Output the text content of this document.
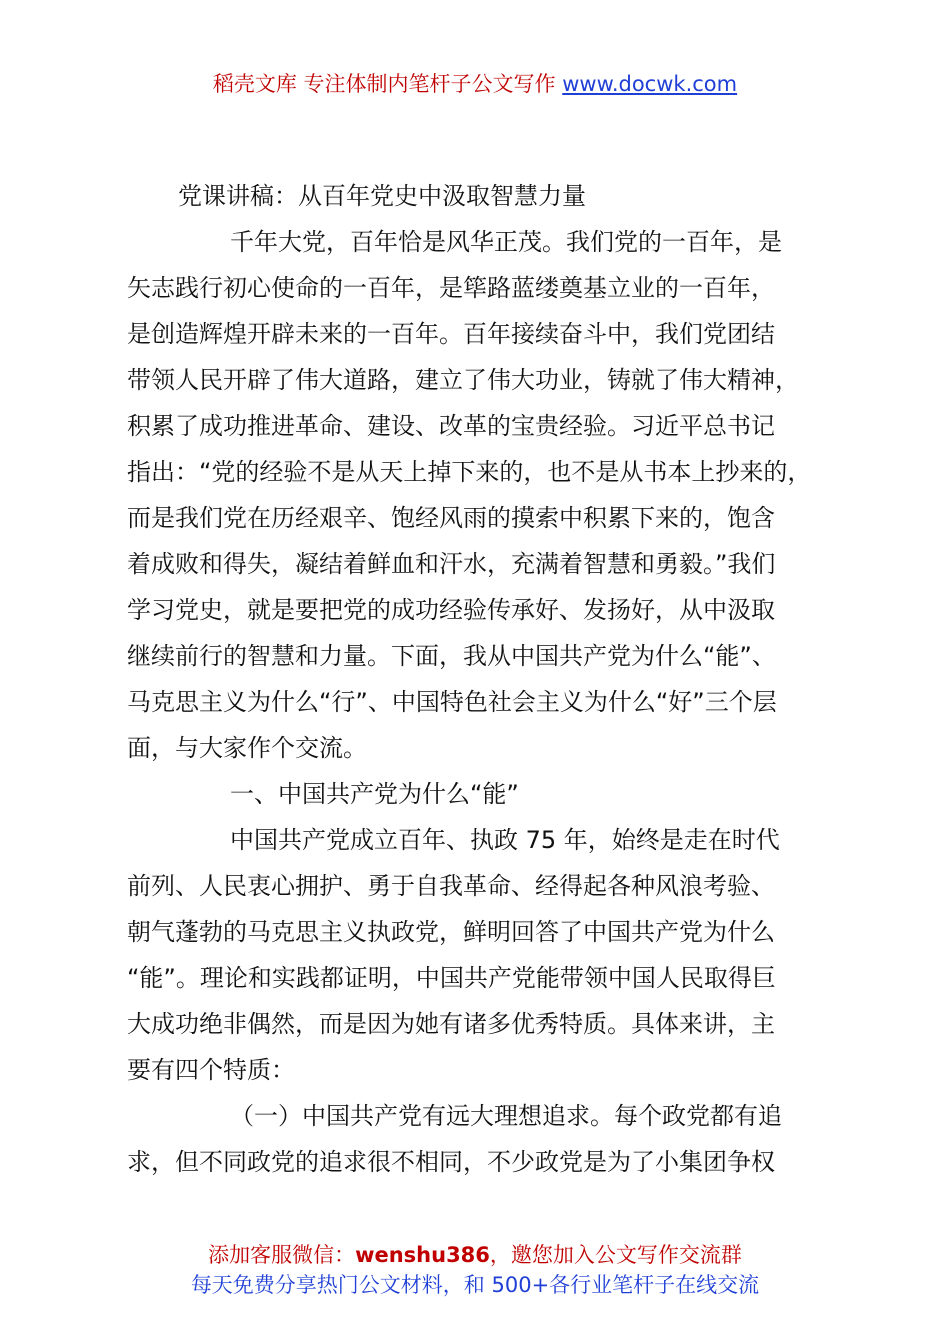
稻壳文库 专注体制内笔杆子公文写作 www.docwk.com
党课讲稿：从百年党史中汲取智慧力量
千年大党，百年恰是风华正茂。我们党的一百年，是
矢志践行初心使命的一百年，是筚路蓝缕奠基立业的一百年，
是创造辉煌开辟未来的一百年。百年接续奋斗中，我们党团结
带领人民开辟了伟大道路，建立了伟大功业，铸就了伟大精神，
积累了成功推进革命、建设、改革的宝贵经验。习近平总书记
指出：“党的经验不是从天上掉下来的，也不是从书本上抄来的，
而是我们党在历经艰辛、饱经风雨的摸索中积累下来的，饱含
着成败和得失，凝结着鲜血和汗水，充满着智慧和勇毅。”我们
学习党史，就是要把党的成功经验传承好、发扬好，从中汲取
继续前行的智慧和力量。下面，我从中国共产党为什么“能”、
马克思主义为什么“行”、中国特色社会主义为什么“好”三个层
面，与大家作个交流。
一、中国共产党为什么“能”
中国共产党成立百年、执政 75 年，始终是走在时代
前列、人民衷心拥护、勇于自我革命、经得起各种风浪考验、
朝气蓬勃的马克思主义执政党，鲜明回答了中国共产党为什么
“能”。理论和实践都证明，中国共产党能带领中国人民取得巨
大成功绝非偶然，而是因为她有诸多优秀特质。具体来讲，主
要有四个特质：
（一）中国共产党有远大理想追求。每个政党都有追
求，但不同政党的追求很不相同，不少政党是为了小集团争权
添加客服微信：wenshu386，邀您加入公文写作交流群
每天免费分享热门公文材料，和 500+各行业笔杆子在线交流
